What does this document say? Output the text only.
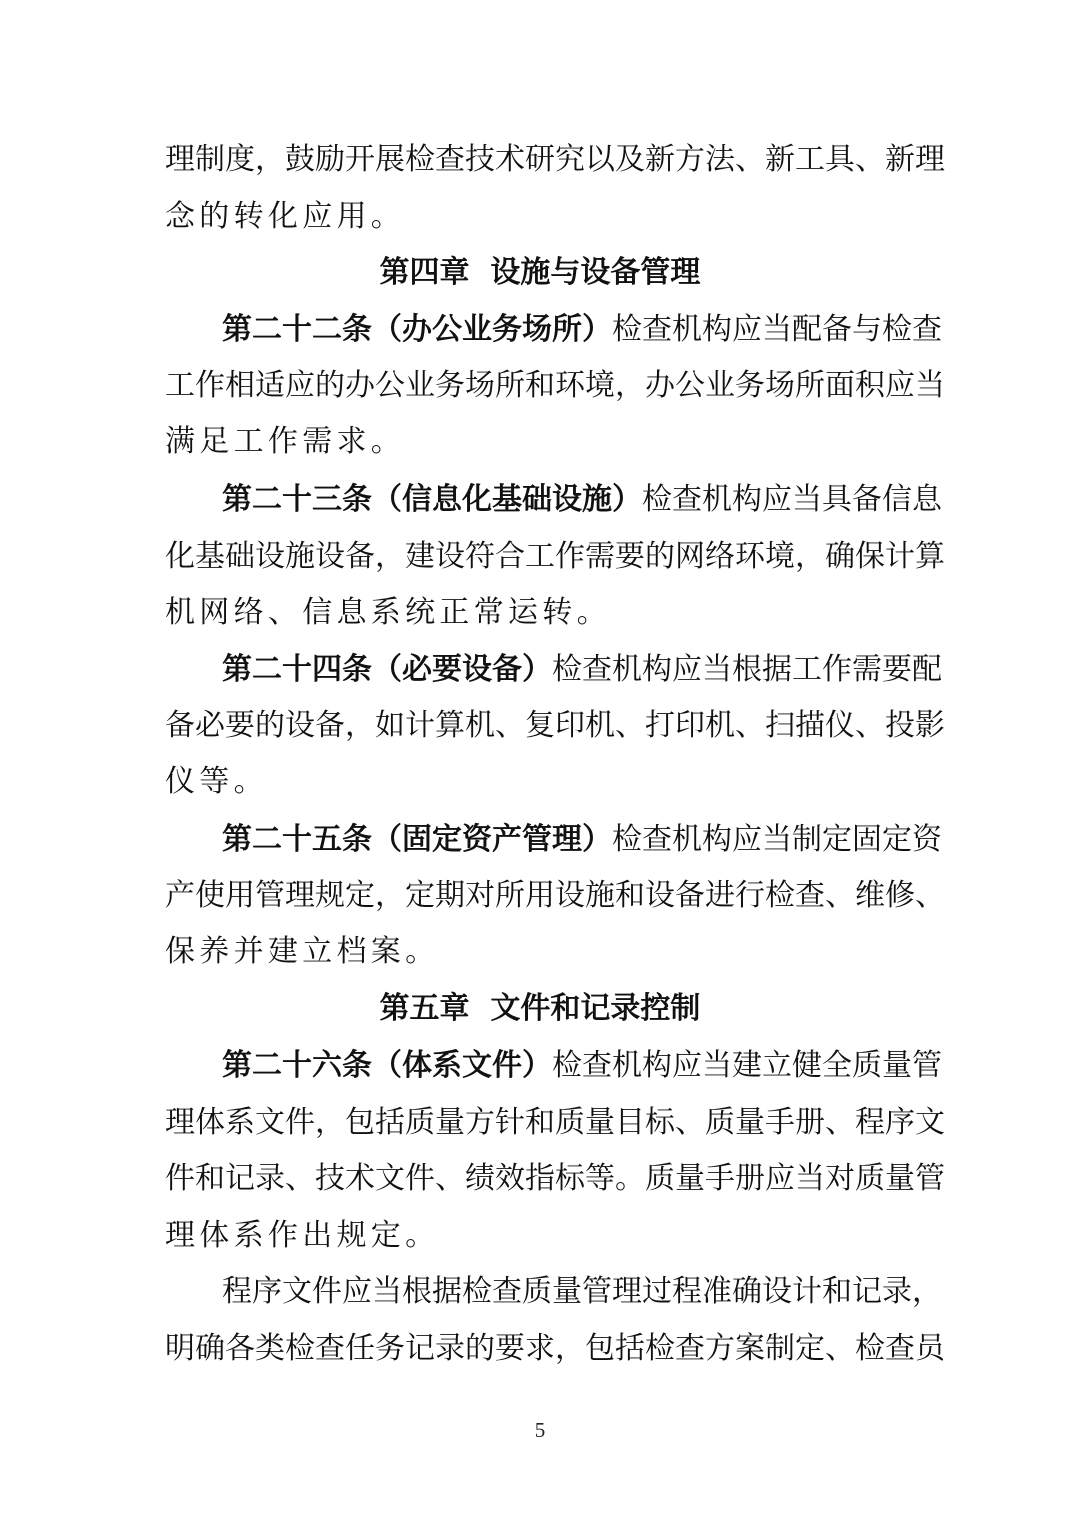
理制度，鼓励开展检查技术研究以及新方法、新工具、新理
念的转化应用。
第四章  设施与设备管理
第二十二条（办公业务场所）检查机构应当配备与检查
工作相适应的办公业务场所和环境，办公业务场所面积应当
满足工作需求。
第二十三条（信息化基础设施）检查机构应当具备信息
化基础设施设备，建设符合工作需要的网络环境，确保计算
机网络、信息系统正常运转。
第二十四条（必要设备）检查机构应当根据工作需要配
备必要的设备，如计算机、复印机、打印机、扫描仪、投影
仪等。
第二十五条（固定资产管理）检查机构应当制定固定资
产使用管理规定，定期对所用设施和设备进行检查、维修、
保养并建立档案。
第五章  文件和记录控制
第二十六条（体系文件）检查机构应当建立健全质量管
理体系文件，包括质量方针和质量目标、质量手册、程序文
件和记录、技术文件、绩效指标等。质量手册应当对质量管
理体系作出规定。
程序文件应当根据检查质量管理过程准确设计和记录，
明确各类检查任务记录的要求，包括检查方案制定、检查员
5
